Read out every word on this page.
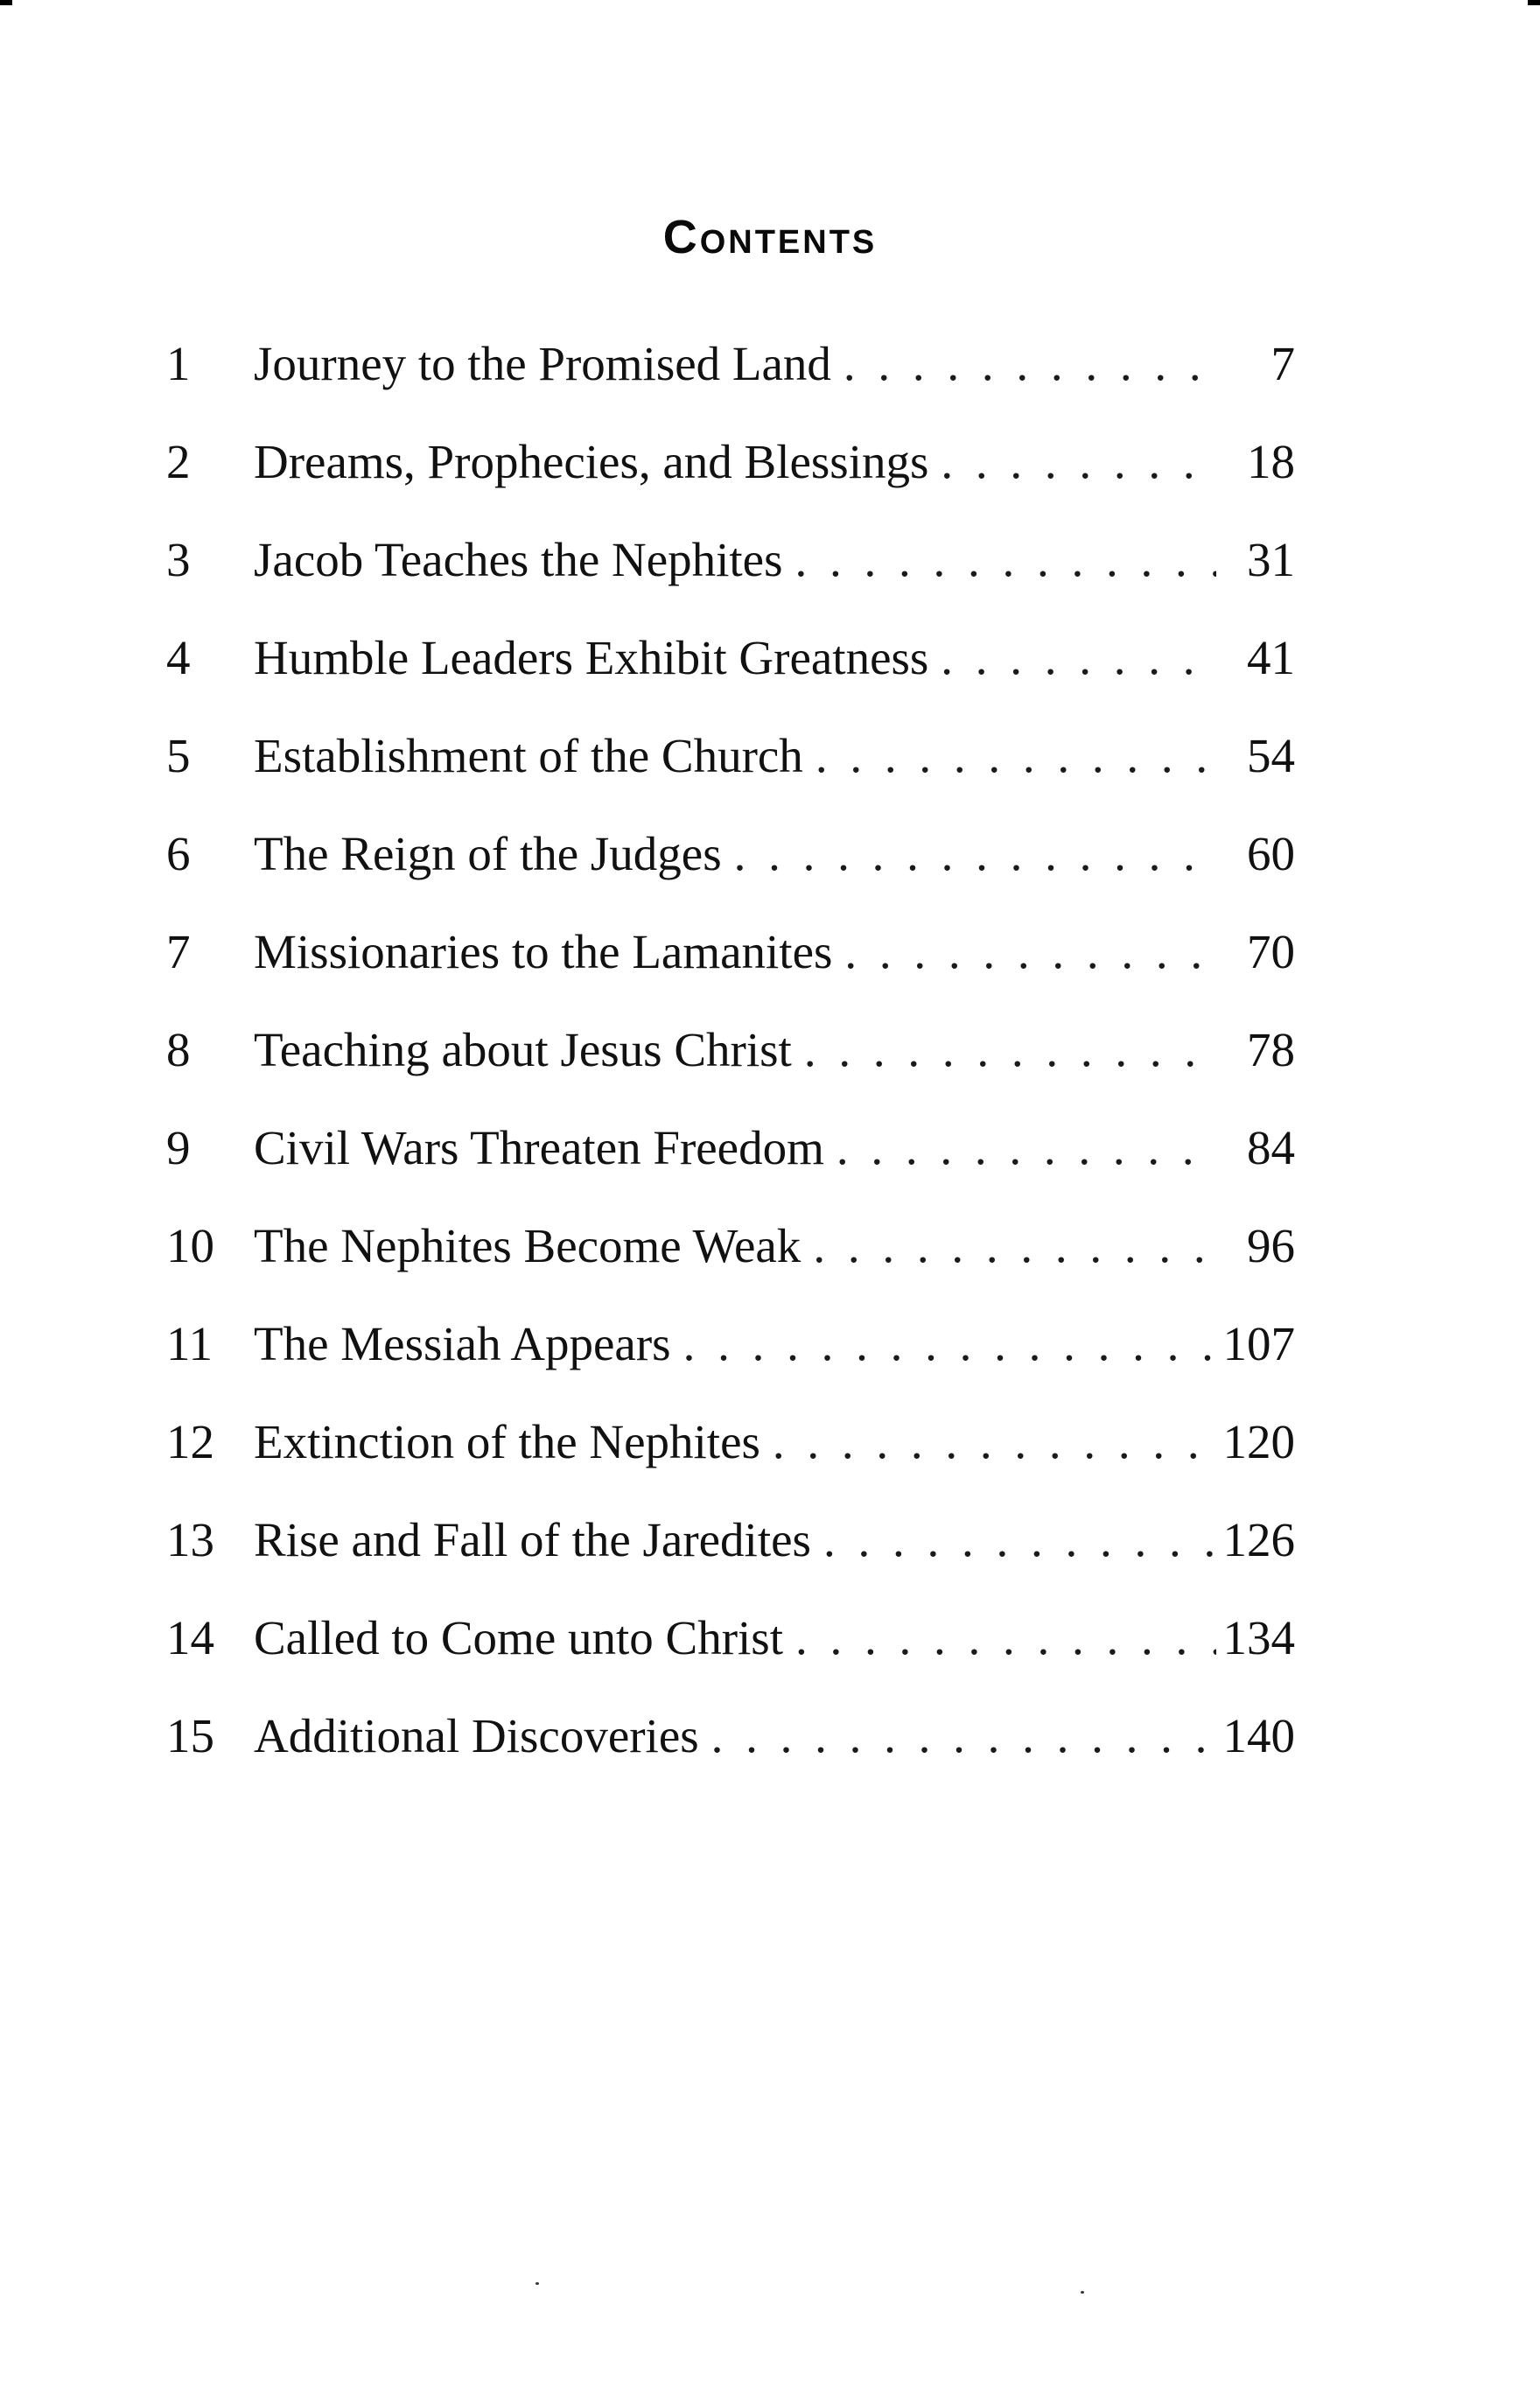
Contents
1	Journey to the Promised Land . . .	7
2	Dreams, Prophecies, and Blessings . . .	18
3	Jacob Teaches the Nephites . . .	31
4	Humble Leaders Exhibit Greatness . . .	41
5	Establishment of the Church . . .	54
6	The Reign of the Judges . . .	60
7	Missionaries to the Lamanites . . .	70
8	Teaching about Jesus Christ . . .	78
9	Civil Wars Threaten Freedom . . .	84
10 The Nephites Become Weak . . .	96
11 The Messiah Appears . . .	107
12 Extinction of the Nephites . . .	120
13 Rise and Fall of the Jaredites . . .	126
14 Called to Come unto Christ . . .	134
15 Additional Discoveries . . .	140
